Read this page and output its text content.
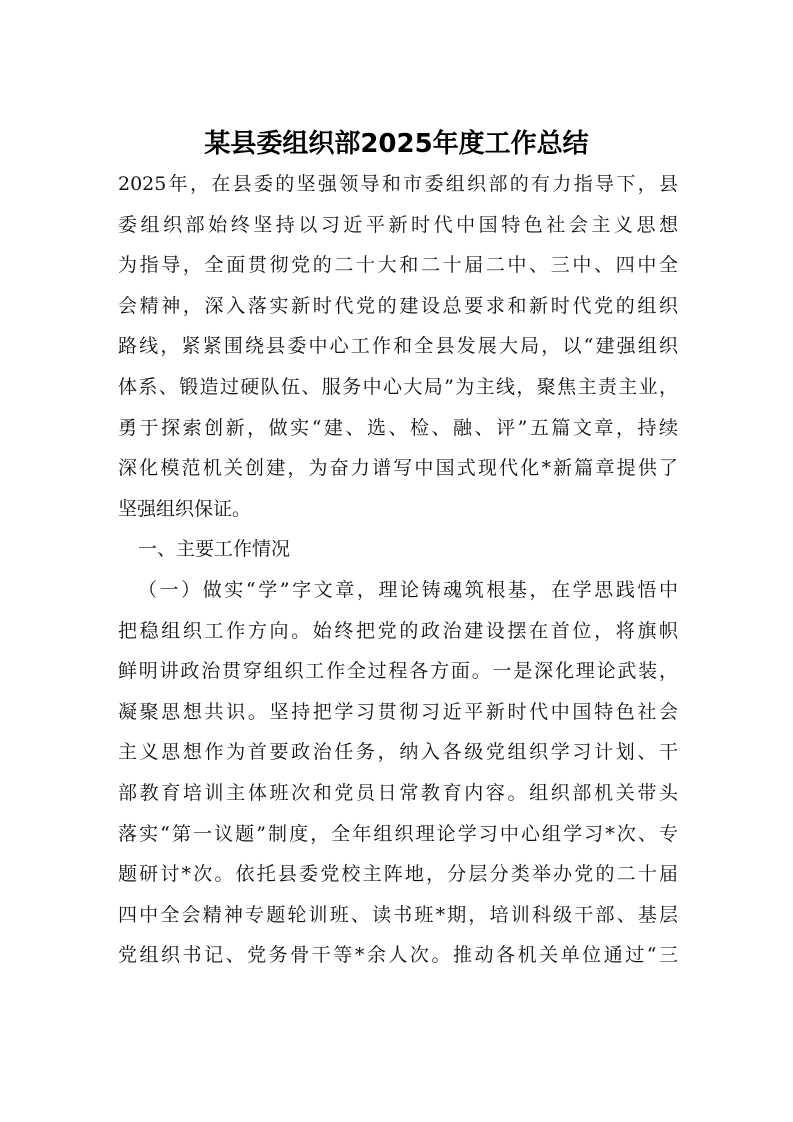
某县委组织部2025年度工作总结
2025年，在县委的坚强领导和市委组织部的有力指导下，县
委组织部始终坚持以习近平新时代中国特色社会主义思想
为指导，全面贯彻党的二十大和二十届二中、三中、四中全
会精神，深入落实新时代党的建设总要求和新时代党的组织
路线，紧紧围绕县委中心工作和全县发展大局，以“建强组织
体系、锻造过硬队伍、服务中心大局”为主线，聚焦主责主业，
勇于探索创新，做实“建、选、检、融、评”五篇文章，持续
深化模范机关创建，为奋力谱写中国式现代化*新篇章提供了
坚强组织保证。
一、主要工作情况
（一）做实“学”字文章，理论铸魂筑根基，在学思践悟中
把稳组织工作方向。始终把党的政治建设摆在首位，将旗帜
鲜明讲政治贯穿组织工作全过程各方面。一是深化理论武装，
凝聚思想共识。坚持把学习贯彻习近平新时代中国特色社会
主义思想作为首要政治任务，纳入各级党组织学习计划、干
部教育培训主体班次和党员日常教育内容。组织部机关带头
落实“第一议题”制度，全年组织理论学习中心组学习*次、专
题研讨*次。依托县委党校主阵地，分层分类举办党的二十届
四中全会精神专题轮训班、读书班*期，培训科级干部、基层
党组织书记、党务骨干等*余人次。推动各机关单位通过“三
